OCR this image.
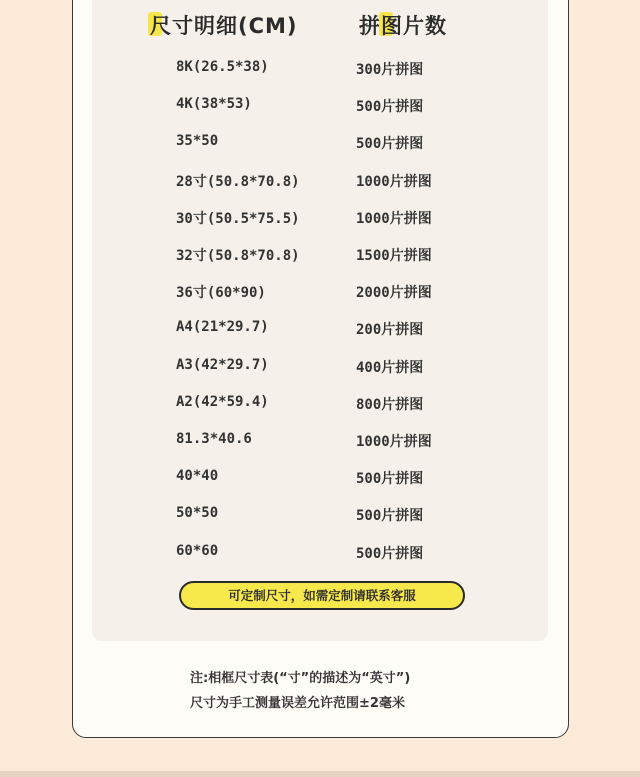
尺寸明细(CM)	拼图片数
8K(26.5*38)	300片拼图
4K(38*53)	500片拼图
35*50	500片拼图
28寸(50.8*70.8)	1000片拼图
30寸(50.5*75.5)	1000片拼图
32寸(50.8*70.8)	1500片拼图
36寸(60*90)	2000片拼图
A4(21*29.7)	200片拼图
A3(42*29.7)	400片拼图
A2(42*59.4)	800片拼图
81.3*40.6	1000片拼图
40*40	500片拼图
50*50	500片拼图
60*60	500片拼图
可定制尺寸，如需定制请联系客服
注:相框尺寸表(“寸”的描述为“英寸”)
尺寸为手工测量误差允许范围±2毫米
